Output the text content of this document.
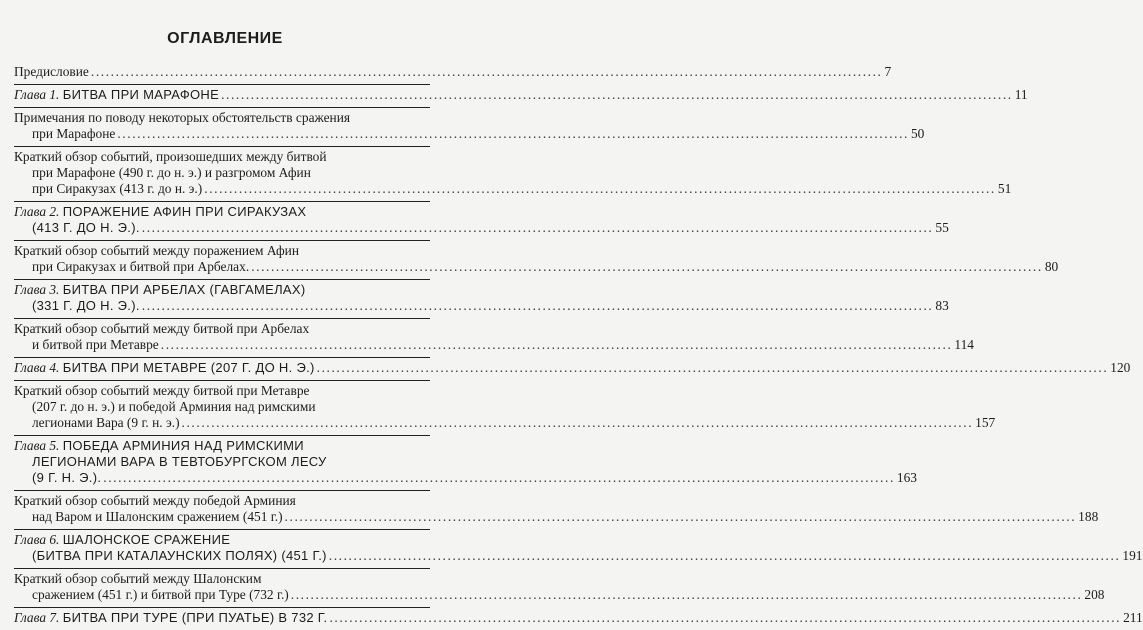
ОГЛАВЛЕНИЕ
Предисловие ................................................................................................................................................................ 7
Глава 1. БИТВА ПРИ МАРАФОНЕ ................................................................................................................................................................ 11
Примечания по поводу некоторых обстоятельств сражения
при Марафоне ................................................................................................................................................................ 50
Краткий обзор событий, произошедших между битвой
при Марафоне (490 г. до н. э.) и разгромом Афин
при Сиракузах (413 г. до н. э.) ................................................................................................................................................................ 51
Глава 2. ПОРАЖЕНИЕ АФИН ПРИ СИРАКУЗАХ
(413 Г. ДО Н. Э.). ................................................................................................................................................................ 55
Краткий обзор событий между поражением Афин
при Сиракузах и битвой при Арбелах. ................................................................................................................................................................ 80
Глава 3. БИТВА ПРИ АРБЕЛАХ (ГАВГАМЕЛАХ)
(331 Г. ДО Н. Э.). ................................................................................................................................................................ 83
Краткий обзор событий между битвой при Арбелах
и битвой при Метавре ................................................................................................................................................................ 114
Глава 4. БИТВА ПРИ МЕТАВРЕ (207 Г. ДО Н. Э.) ................................................................................................................................................................ 120
Краткий обзор событий между битвой при Метавре
(207 г. до н. э.) и победой Арминия над римскими
легионами Вара (9 г. н. э.) ................................................................................................................................................................ 157
Глава 5. ПОБЕДА АРМИНИЯ НАД РИМСКИМИ
ЛЕГИОНАМИ ВАРА В ТЕВТОБУРГСКОМ ЛЕСУ
(9 Г. Н. Э.). ................................................................................................................................................................ 163
Краткий обзор событий между победой Арминия
над Варом и Шалонским сражением (451 г.) ................................................................................................................................................................ 188
Глава 6. ШАЛОНСКОЕ СРАЖЕНИЕ
(БИТВА ПРИ КАТАЛАУНСКИХ ПОЛЯХ) (451 Г.) ................................................................................................................................................................ 191
Краткий обзор событий между Шалонским
сражением (451 г.) и битвой при Туре (732 г.) ................................................................................................................................................................ 208
Глава 7. БИТВА ПРИ ТУРЕ (ПРИ ПУАТЬЕ) В 732 Г. ................................................................................................................................................................ 211
